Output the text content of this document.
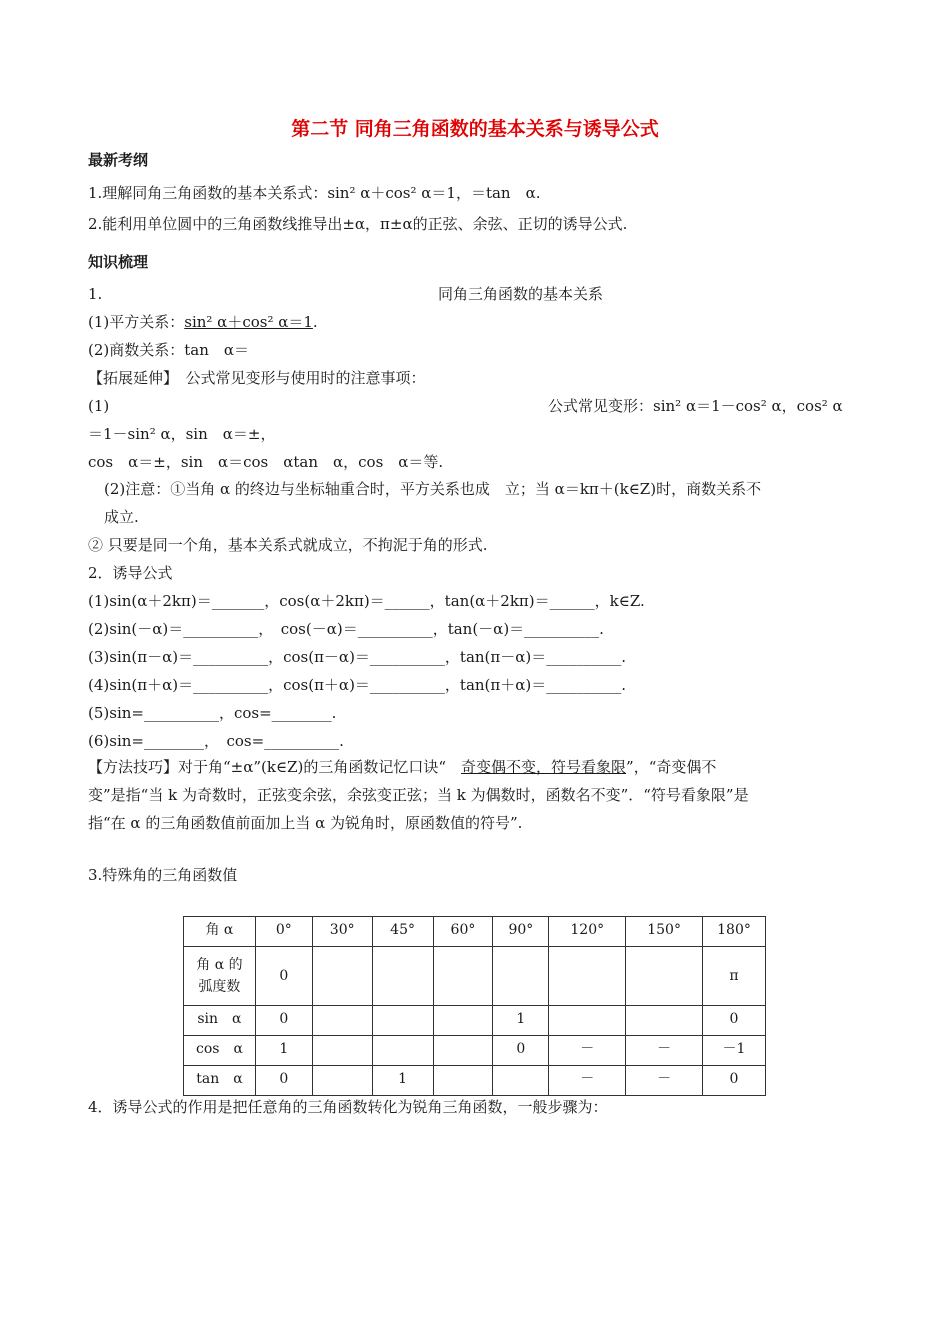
第二节 同角三角函数的基本关系与诱导公式
最新考纲
1.理解同角三角函数的基本关系式：sin² α＋cos² α＝1，＝tan　α.
2.能利用单位圆中的三角函数线推导出±α，π±α的正弦、余弦、正切的诱导公式.
知识梳理
1.	同角三角函数的基本关系
(1)平方关系：sin² α＋cos² α＝1.
(2)商数关系：tan　α＝
【拓展延伸】　公式常见变形与使用时的注意事项：
(1)	公式常见变形：sin² α＝1－cos² α，cos² α
＝1－sin² α，sin　α＝±，
cos　α＝±，sin　α＝cos　αtan　α，cos　α＝等.
(2)注意：①当角 α 的终边与坐标轴重合时，平方关系也成　立；当 α＝kπ＋(k∈Z)时，商数关系不
成立.
② 只要是同一个角，基本关系式就成立，不拘泥于角的形式.
2．诱导公式
(1)sin(α＋2kπ)＝_______，cos(α＋2kπ)＝______，tan(α＋2kπ)＝______，k∈Z.
(2)sin(－α)＝__________，　cos(－α)＝__________，tan(－α)＝__________.
(3)sin(π－α)＝__________，cos(π－α)＝__________，tan(π－α)＝__________.
(4)sin(π＋α)＝__________，cos(π＋α)＝__________，tan(π＋α)＝__________.
(5)sin=__________，cos=________.
(6)sin=________，　cos=__________.
【方法技巧】对于角“±α”(k∈Z)的三角函数记忆口诀“　奇变偶不变，符号看象限”，“奇变偶不
变”是指“当 k 为奇数时，正弦变余弦，余弦变正弦；当 k 为偶数时，函数名不变”．“符号看象限”是
指“在 α 的三角函数值前面加上当 α 为锐角时，原函数值的符号”.
3.特殊角的三角函数值
角 α	0°	30°	45°	60°	90°	120°	150°	180°
角 α 的
弧度数	0							π
sin　α	0				1			0
cos　α	1				0	－	－	－1
tan　α	0		1			－	－	0
4．诱导公式的作用是把任意角的三角函数转化为锐角三角函数，一般步骤为：
